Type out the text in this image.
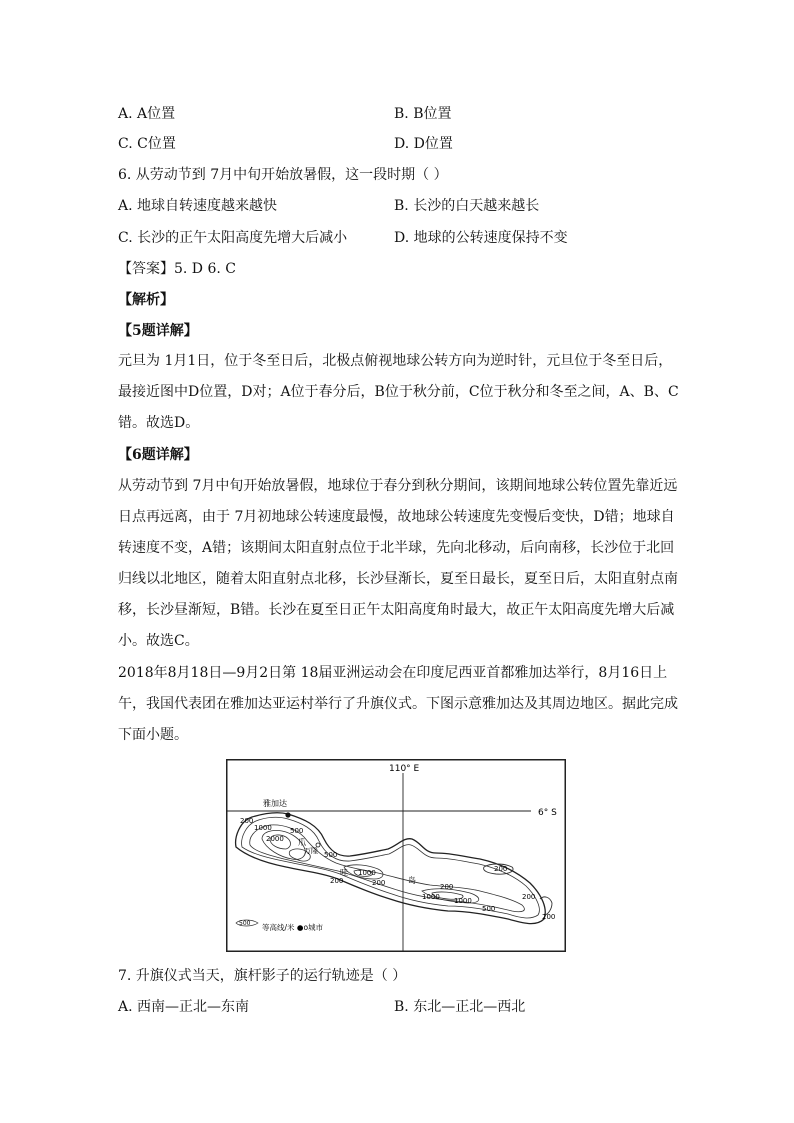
A. A位置	B. B位置
C. C位置	D. D位置
6. 从劳动节到 7月中旬开始放暑假，这一段时期（ ）
A. 地球自转速度越来越快	B. 长沙的白天越来越长
C. 长沙的正午太阳高度先增大后减小	D. 地球的公转速度保持不变
【答案】5. D 6. C
【解析】
【5题详解】
元旦为 1月1日，位于冬至日后，北极点俯视地球公转方向为逆时针，元旦位于冬至日后，
最接近图中D位置，D对；A位于春分后，B位于秋分前，C位于秋分和冬至之间，A、B、C
错。故选D。
【6题详解】
从劳动节到 7月中旬开始放暑假，地球位于春分到秋分期间，该期间地球公转位置先靠近远
日点再远离，由于 7月初地球公转速度最慢，故地球公转速度先变慢后变快，D错；地球自
转速度不变，A错；该期间太阳直射点位于北半球，先向北移动，后向南移，长沙位于北回
归线以北地区，随着太阳直射点北移，长沙昼渐长，夏至日最长，夏至日后，太阳直射点南
移，长沙昼渐短，B错。长沙在夏至日正午太阳高度角时最大，故正午太阳高度先增大后减
小。故选C。
2018年8月18日—9月2日第 18届亚洲运动会在印度尼西亚首都雅加达举行，8月16日上
午，我国代表团在雅加达亚运村举行了升旗仪式。下图示意雅加达及其周边地区。据此完成
下面小题。
110° E
6° S
雅加达
万隆
爪
哇
岛
200
500
1000
2000
500
200
1000
200	200
1000 1000
200
500
200
200
500 等高线/米 ●o城市
7. 升旗仪式当天，旗杆影子的运行轨迹是（ ）
A. 西南—正北—东南	B. 东北—正北—西北
